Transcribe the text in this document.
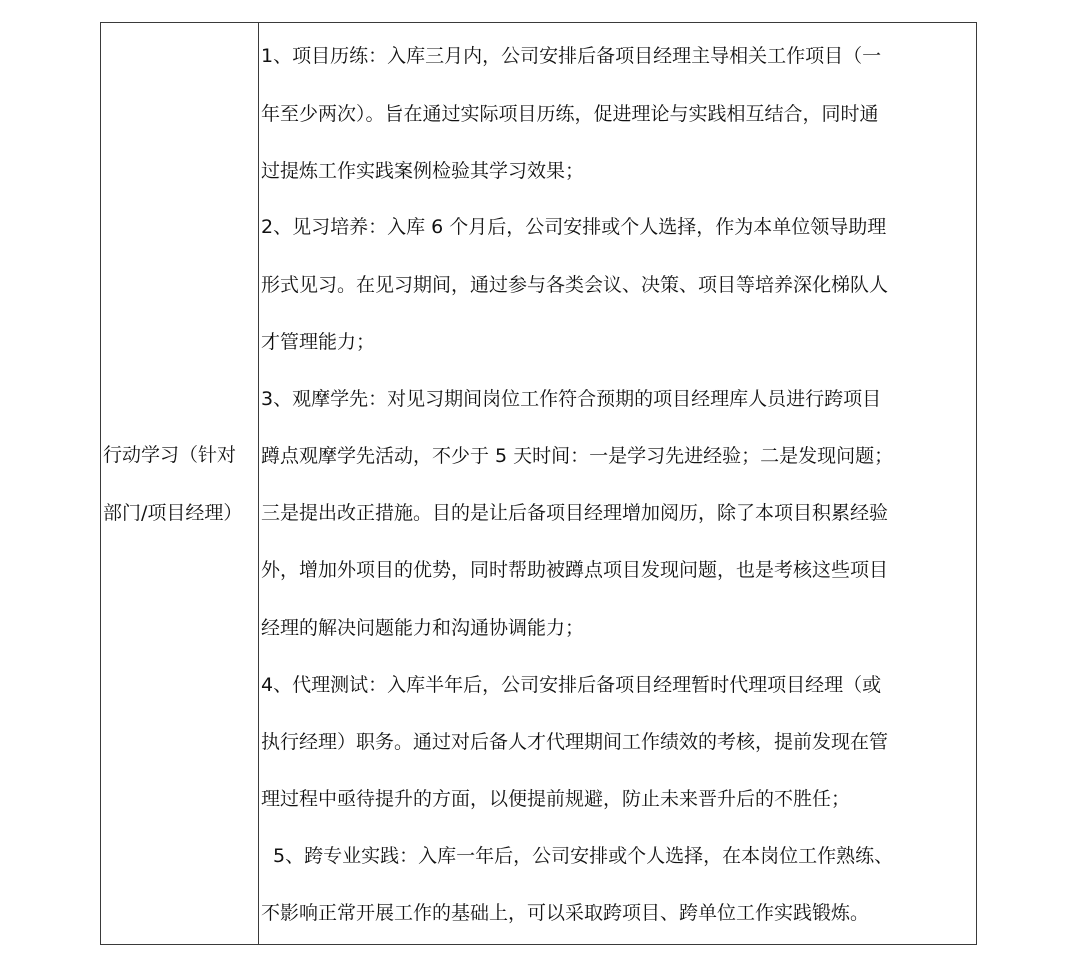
行动学习（针对
部门/项目经理）
1、项目历练：入库三月内，公司安排后备项目经理主导相关工作项目（一
年至少两次）。旨在通过实际项目历练，促进理论与实践相互结合，同时通
过提炼工作实践案例检验其学习效果；
2、见习培养：入库 6 个月后，公司安排或个人选择，作为本单位领导助理
形式见习。在见习期间，通过参与各类会议、决策、项目等培养深化梯队人
才管理能力；
3、观摩学先：对见习期间岗位工作符合预期的项目经理库人员进行跨项目
蹲点观摩学先活动，不少于 5 天时间：一是学习先进经验；二是发现问题；
三是提出改正措施。目的是让后备项目经理增加阅历，除了本项目积累经验
外，增加外项目的优势，同时帮助被蹲点项目发现问题，也是考核这些项目
经理的解决问题能力和沟通协调能力；
4、代理测试：入库半年后，公司安排后备项目经理暂时代理项目经理（或
执行经理）职务。通过对后备人才代理期间工作绩效的考核，提前发现在管
理过程中亟待提升的方面，以便提前规避，防止未来晋升后的不胜任；
5、跨专业实践：入库一年后，公司安排或个人选择，在本岗位工作熟练、
不影响正常开展工作的基础上，可以采取跨项目、跨单位工作实践锻炼。
